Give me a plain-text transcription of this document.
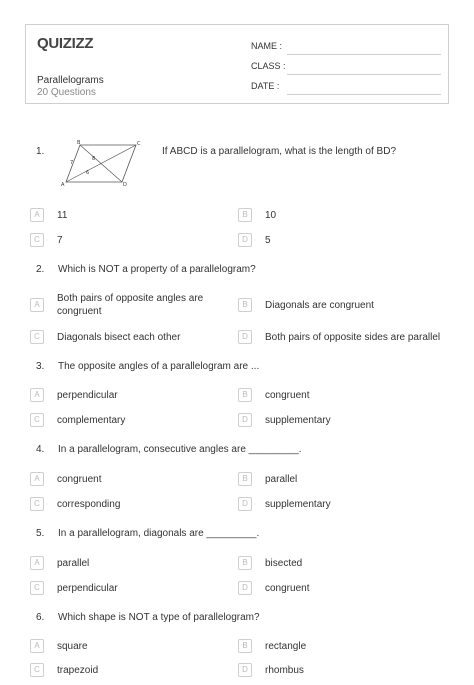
QUIZIZZ
Parallelograms
20 Questions
NAME :
CLASS :
DATE :
B	C
7
8
6
A	D
1.	If ABCD is a parallelogram, what is the length of BD?
A	11	B	10
C	7	D	5
2. Which is NOT a property of a parallelogram?
A
Both pairs of opposite angles are congruent
B	Diagonals are congruent
C	Diagonals bisect each other	D	Both pairs of opposite sides are parallel
3. The opposite angles of a parallelogram are ...
A	perpendicular	B	congruent
C	complementary	D	supplementary
4. In a parallelogram, consecutive angles are _________.
A	congruent	B	parallel
C	corresponding	D	supplementary
5. In a parallelogram, diagonals are _________.
A	parallel	B	bisected
C	perpendicular	D	congruent
6. Which shape is NOT a type of parallelogram?
A	square	B	rectangle
C	trapezoid	D	rhombus
